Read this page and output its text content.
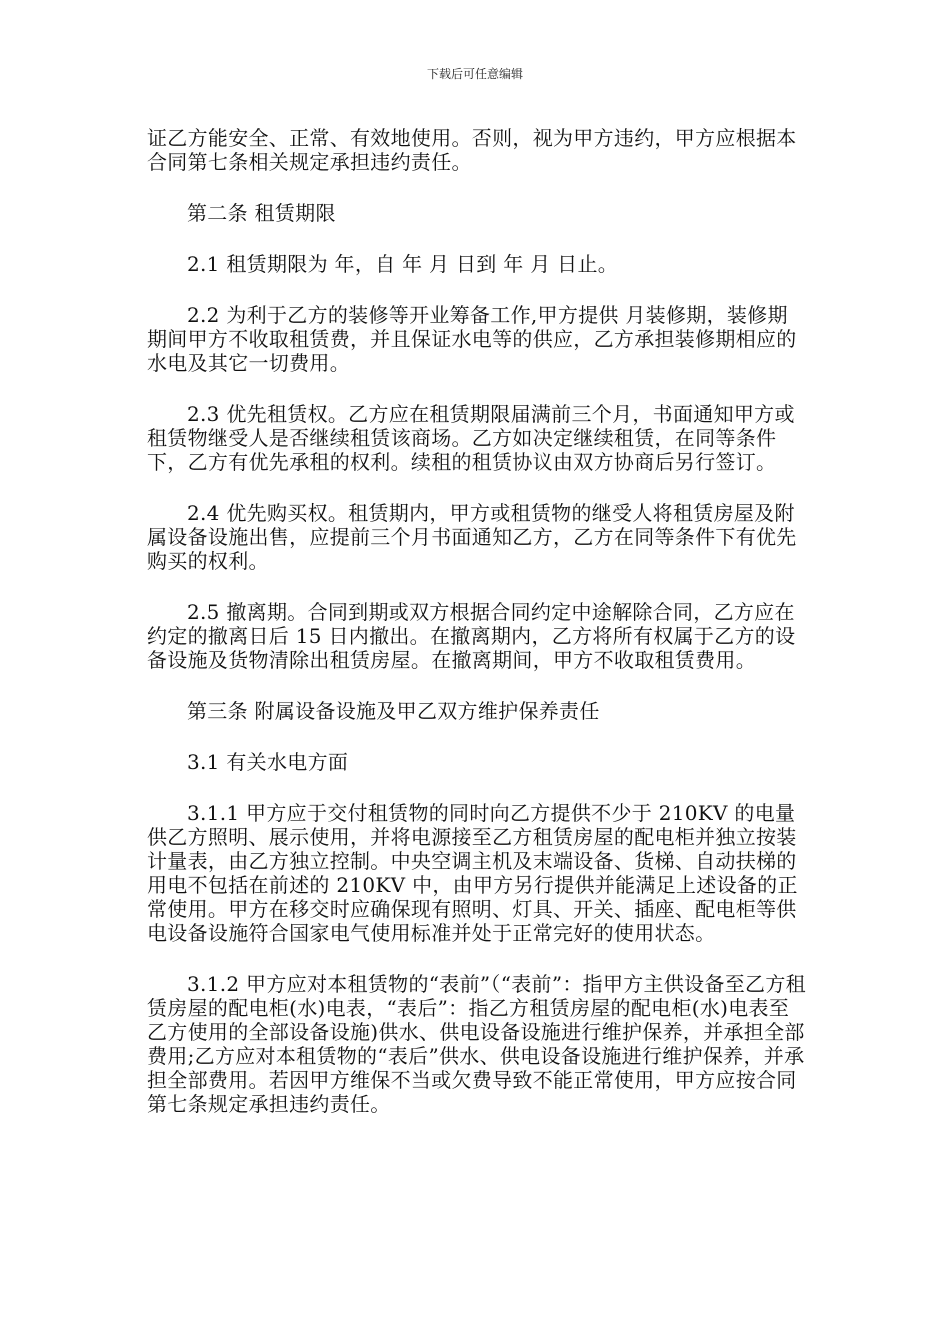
下载后可任意编辑

证乙方能安全、正常、有效地使用。否则，视为甲方违约，甲方应根据本合同第七条相关规定承担违约责任。

第二条 租赁期限

2.1 租赁期限为 年，自 年 月 日到 年 月 日止。

2.2 为利于乙方的装修等开业筹备工作,甲方提供 月装修期，装修期期间甲方不收取租赁费，并且保证水电等的供应，乙方承担装修期相应的水电及其它一切费用。

2.3 优先租赁权。乙方应在租赁期限届满前三个月，书面通知甲方或租赁物继受人是否继续租赁该商场。乙方如决定继续租赁，在同等条件下，乙方有优先承租的权利。续租的租赁协议由双方协商后另行签订。

2.4 优先购买权。租赁期内，甲方或租赁物的继受人将租赁房屋及附属设备设施出售，应提前三个月书面通知乙方，乙方在同等条件下有优先购买的权利。

2.5 撤离期。合同到期或双方根据合同约定中途解除合同，乙方应在约定的撤离日后 15 日内撤出。在撤离期内，乙方将所有权属于乙方的设备设施及货物清除出租赁房屋。在撤离期间，甲方不收取租赁费用。

第三条 附属设备设施及甲乙双方维护保养责任

3.1 有关水电方面

3.1.1 甲方应于交付租赁物的同时向乙方提供不少于 210KV 的电量供乙方照明、展示使用，并将电源接至乙方租赁房屋的配电柜并独立按装计量表，由乙方独立控制。中央空调主机及末端设备、货梯、自动扶梯的用电不包括在前述的 210KV 中，由甲方另行提供并能满足上述设备的正常使用。甲方在移交时应确保现有照明、灯具、开关、插座、配电柜等供电设备设施符合国家电气使用标准并处于正常完好的使用状态。

3.1.2 甲方应对本租赁物的“表前”（“表前”：指甲方主供设备至乙方租赁房屋的配电柜(水)电表，“表后”：指乙方租赁房屋的配电柜(水)电表至乙方使用的全部设备设施)供水、供电设备设施进行维护保养，并承担全部费用;乙方应对本租赁物的“表后”供水、供电设备设施进行维护保养，并承担全部费用。若因甲方维保不当或欠费导致不能正常使用，甲方应按合同第七条规定承担违约责任。
